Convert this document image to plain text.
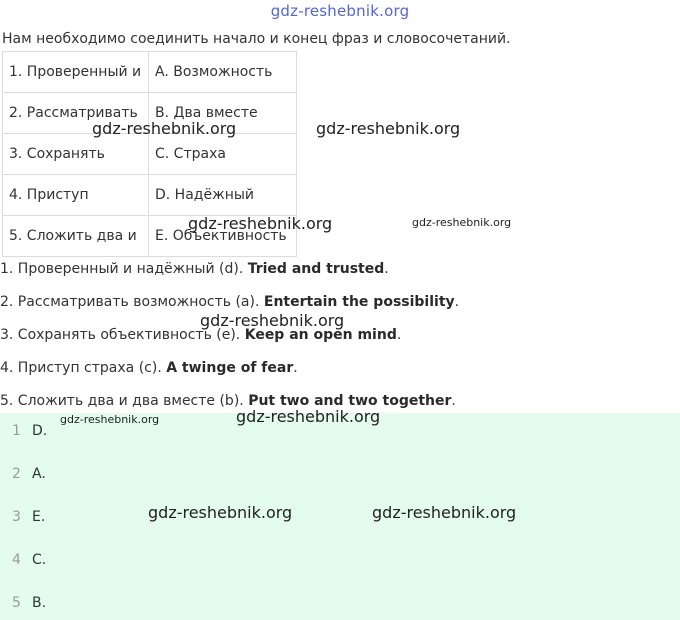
gdz-reshebnik.org
Нам необходимо соединить начало и конец фраз и словосочетаний.
1. Проверенный и	A. Возможность
2. Рассматривать	B. Два вместе
3. Сохранять	C. Страха
4. Приступ	D. Надёжный
5. Сложить два и	E. Объективность
1. Проверенный и надёжный (d). Tried and trusted.
2. Рассматривать возможность (a). Entertain the possibility.
3. Сохранять объективность (e). Keep an open mind.
4. Приступ страха (c). A twinge of fear.
5. Сложить два и два вместе (b). Put two and two together.
1 D.
2 A.
3 E.
4 C.
5 B.
gdz-reshebnik.org	gdz-reshebnik.org
gdz-reshebnik.org	gdz-reshebnik.org
gdz-reshebnik.org
gdz-reshebnik.org	gdz-reshebnik.org
gdz-reshebnik.org	gdz-reshebnik.org
